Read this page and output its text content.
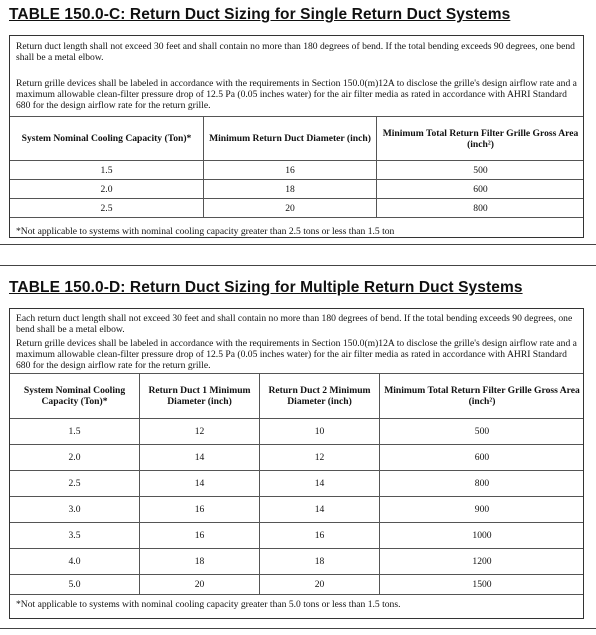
TABLE 150.0-C: Return Duct Sizing for Single Return Duct Systems
Return duct length shall not exceed 30 feet and shall contain no more than 180 degrees of bend. If the total bending exceeds 90 degrees, one bend shall be a metal elbow.
Return grille devices shall be labeled in accordance with the requirements in Section 150.0(m)12A to disclose the grille's design airflow rate and a maximum allowable clean-filter pressure drop of 12.5 Pa (0.05 inches water) for the air filter media as rated in accordance with AHRI Standard 680 for the design airflow rate for the return grille.
System Nominal Cooling Capacity (Ton)*	Minimum Return Duct Diameter (inch)	Minimum Total Return Filter Grille Gross Area
(inch²)

1.5	16	500
2.0	18	600
2.5	20	800
*Not applicable to systems with nominal cooling capacity greater than 2.5 tons or less than 1.5 ton
TABLE 150.0-D: Return Duct Sizing for Multiple Return Duct Systems
Each return duct length shall not exceed 30 feet and shall contain no more than 180 degrees of bend. If the total bending exceeds 90 degrees, one bend shall be a metal elbow.
Return grille devices shall be labeled in accordance with the requirements in Section 150.0(m)12A to disclose the grille's design airflow rate and a maximum allowable clean-filter pressure drop of 12.5 Pa (0.05 inches water) for the air filter media as rated in accordance with AHRI Standard 680 for the design airflow rate for the return grille.
System Nominal Cooling Capacity (Ton)*	Return Duct 1 Minimum Diameter (inch)	Return Duct 2 Minimum Diameter (inch)	Minimum Total Return Filter Grille Gross Area
(inch²)

1.5	12	10	500
2.0	14	12	600
2.5	14	14	800
3.0	16	14	900
3.5	16	16	1000
4.0	18	18	1200
5.0	20	20	1500
*Not applicable to systems with nominal cooling capacity greater than 5.0 tons or less than 1.5 tons.
